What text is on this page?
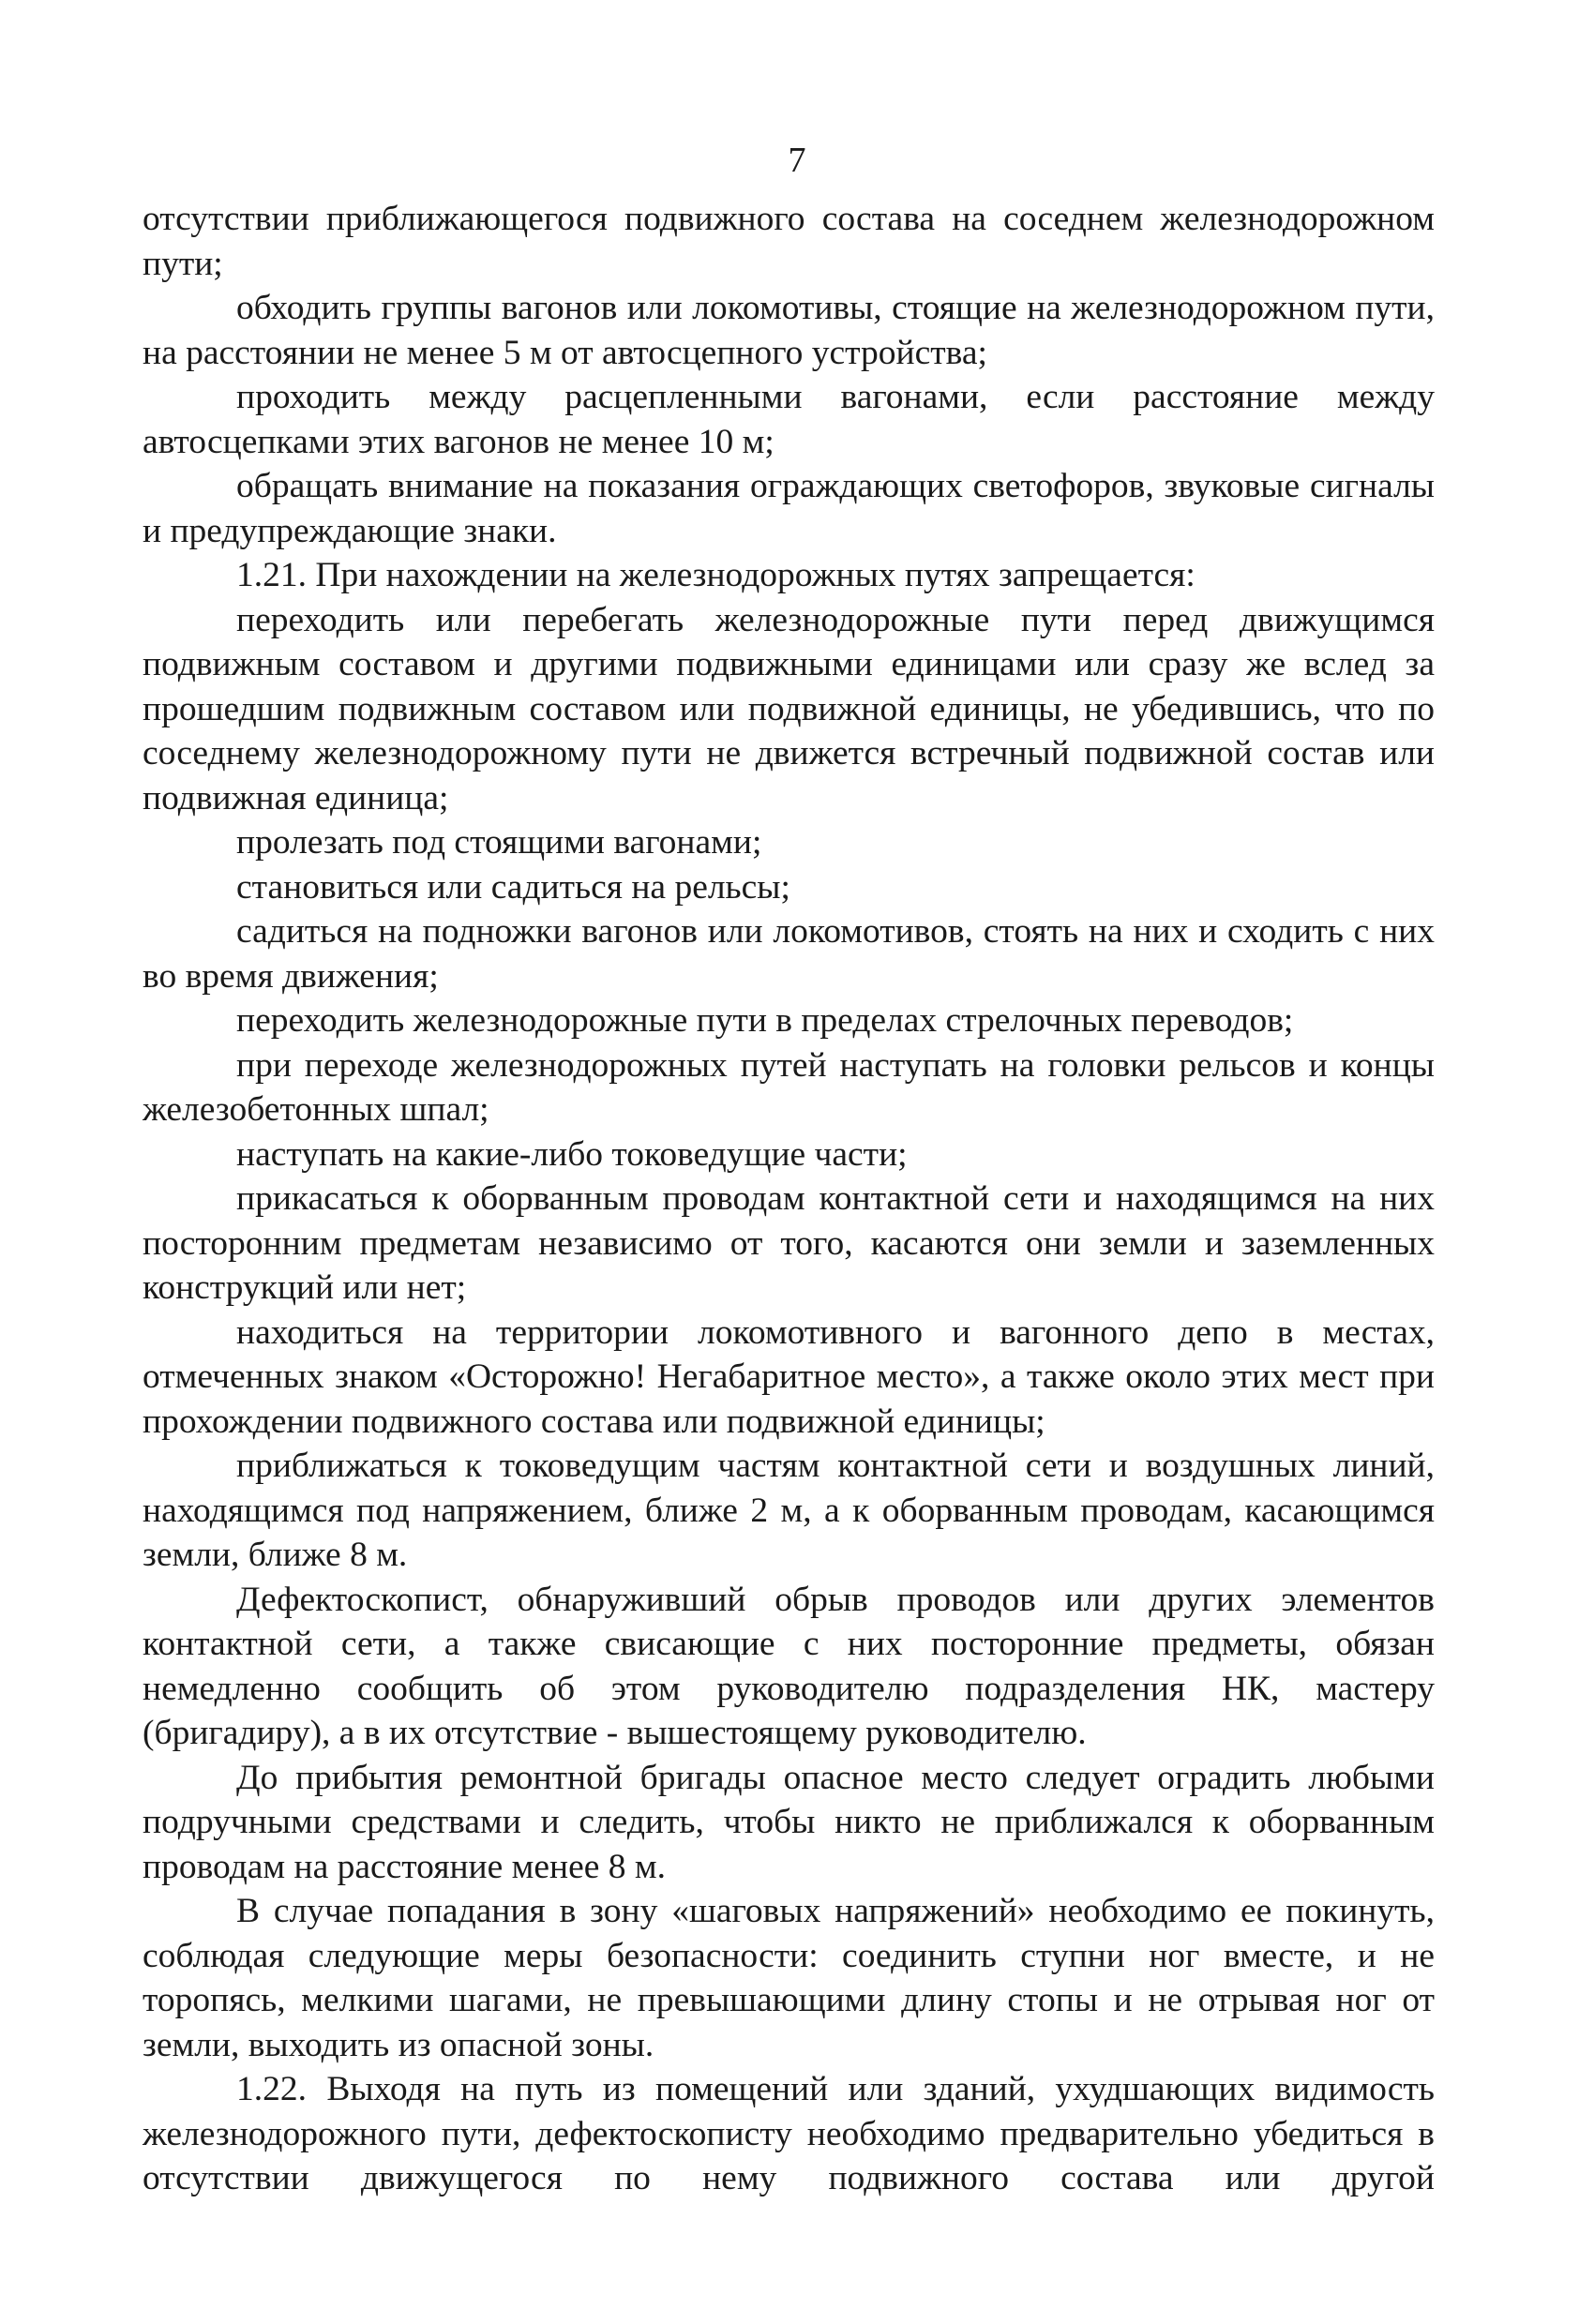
7

отсутствии приближающегося подвижного состава на соседнем железнодорожном пути;

обходить группы вагонов или локомотивы, стоящие на железнодорожном пути, на расстоянии не менее 5 м от автосцепного устройства;

проходить между расцепленными вагонами, если расстояние между автосцепками этих вагонов не менее 10 м;

обращать внимание на показания ограждающих светофоров, звуковые сигналы и предупреждающие знаки.

1.21. При нахождении на железнодорожных путях запрещается:

переходить или перебегать железнодорожные пути перед движущимся подвижным составом и другими подвижными единицами или сразу же вслед за прошедшим подвижным составом или подвижной единицы, не убедившись, что по соседнему железнодорожному пути не движется встречный подвижной состав или подвижная единица;

пролезать под стоящими вагонами;

становиться или садиться на рельсы;

садиться на подножки вагонов или локомотивов, стоять на них и сходить с них во время движения;

переходить железнодорожные пути в пределах стрелочных переводов;

при переходе железнодорожных путей наступать на головки рельсов и концы железобетонных шпал;

наступать на какие-либо токоведущие части;

прикасаться к оборванным проводам контактной сети и находящимся на них посторонним предметам независимо от того, касаются они земли и заземленных конструкций или нет;

находиться на территории локомотивного и вагонного депо в местах, отмеченных знаком «Осторожно! Негабаритное место», а также около этих мест при прохождении подвижного состава или подвижной единицы;

приближаться к токоведущим частям контактной сети и воздушных линий, находящимся под напряжением, ближе 2 м, а к оборванным проводам, касающимся земли, ближе 8 м.

Дефектоскопист, обнаруживший обрыв проводов или других элементов контактной сети, а также свисающие с них посторонние предметы, обязан немедленно сообщить об этом руководителю подразделения НК, мастеру (бригадиру), а в их отсутствие - вышестоящему руководителю.

До прибытия ремонтной бригады опасное место следует оградить любыми подручными средствами и следить, чтобы никто не приближался к оборванным проводам на расстояние менее 8 м.

В случае попадания в зону «шаговых напряжений» необходимо ее покинуть, соблюдая следующие меры безопасности: соединить ступни ног вместе, и не торопясь, мелкими шагами, не превышающими длину стопы и не отрывая ног от земли, выходить из опасной зоны.

1.22. Выходя на путь из помещений или зданий, ухудшающих видимость железнодорожного пути, дефектоскописту необходимо предварительно убедиться в отсутствии движущегося по нему подвижного состава или другой
